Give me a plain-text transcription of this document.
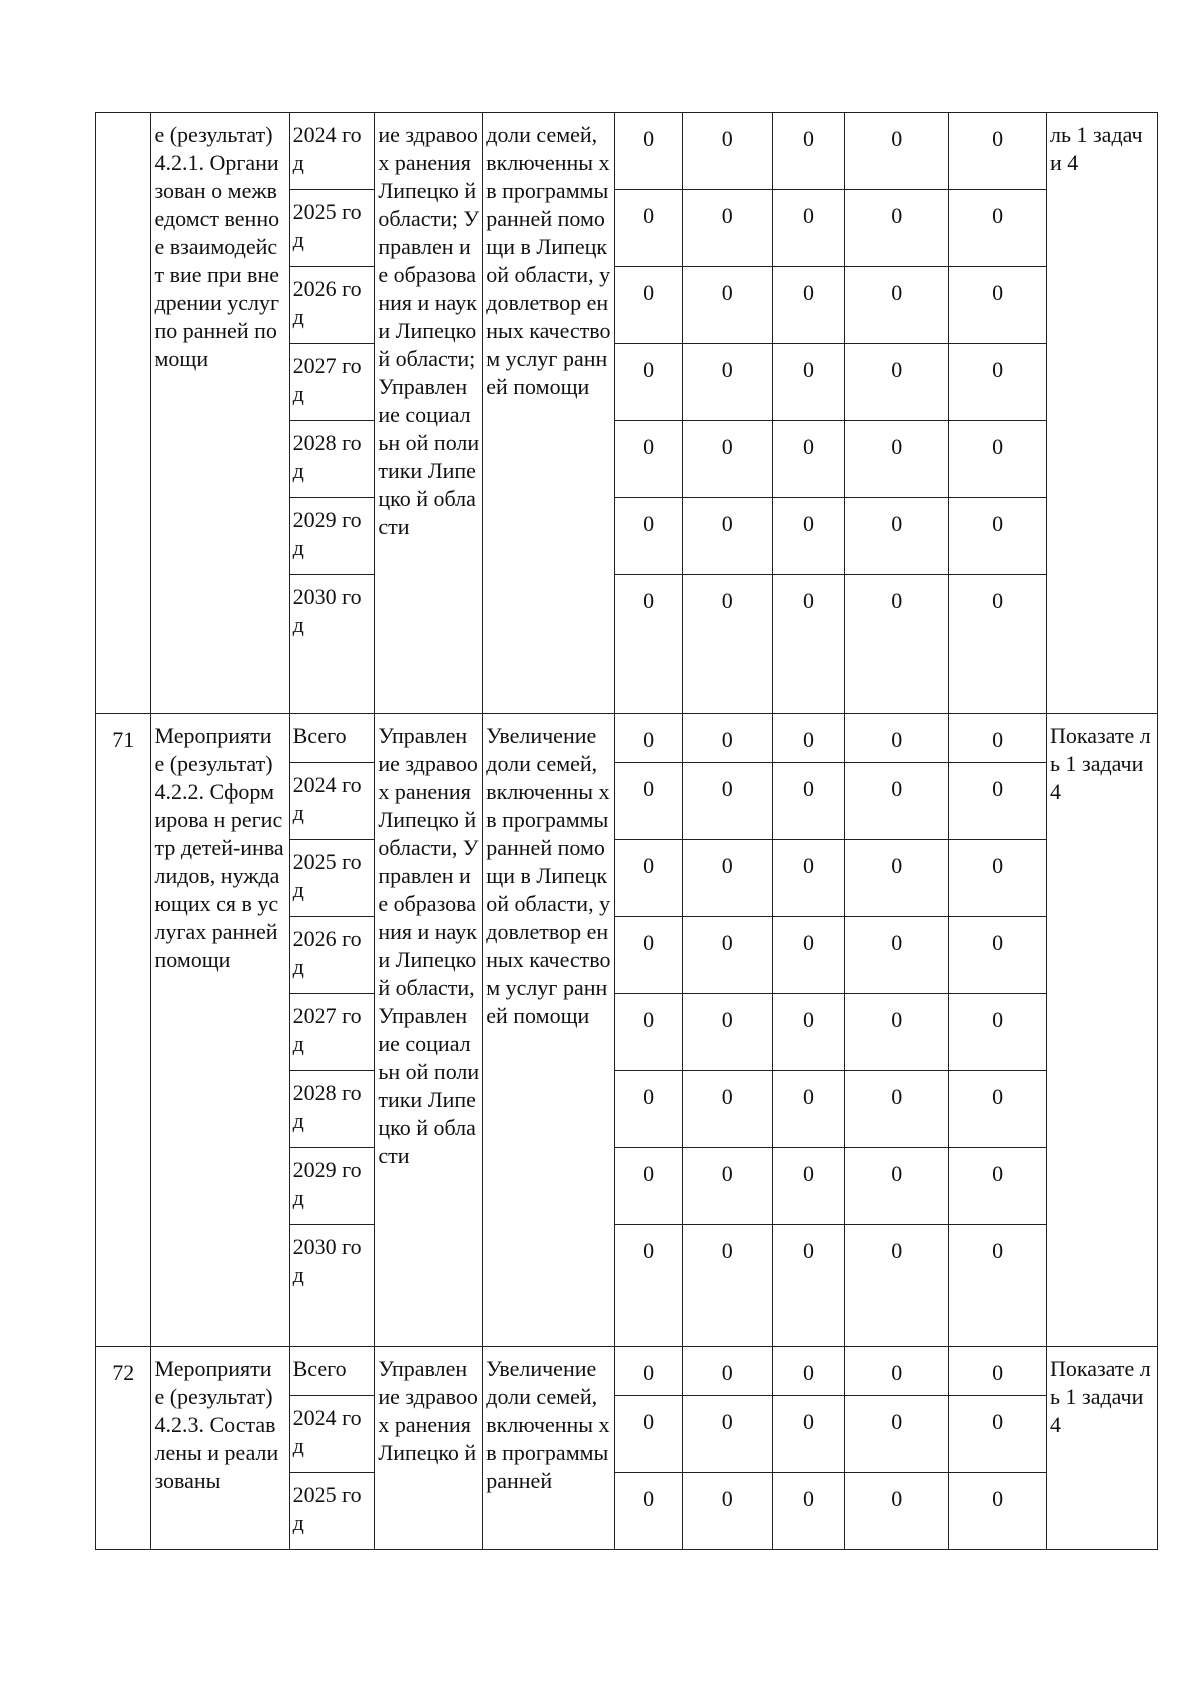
	е (результат) 4.2.1. Организован о межведомст венное взаимодейст вие при внедрении услуг по ранней помощи	2024 год	ие здравоох ранения Липецко й области; Управлен ие образова ния и науки Липецко й области; Управлен ие социальн ой политики Липецко й области	доли семей, включенны х в программы ранней помощи в Липецкой области, удовлетвор енных качеством услуг ранней помощи	0	0	0	0	0	ль 1 задачи 4
		2025 год			0	0	0	0	0	
		2026 год			0	0	0	0	0	
		2027 год			0	0	0	0	0	
		2028 год			0	0	0	0	0	
		2029 год			0	0	0	0	0	
		2030 год			0	0	0	0	0	
71	Мероприяти е (результат) 4.2.2. Сформирова н регистр детей-инвалидов, нуждающих ся в услугах ранней помощи	Всего	Управлен ие здравоох ранения Липецко й области, Управлен ие образова ния и науки Липецко й области, Управлен ие социальн ой политики Липецко й области	Увеличение доли семей, включенны х в программы ранней помощи в Липецкой области, удовлетвор енных качеством услуг ранней помощи	0	0	0	0	0	Показате ль 1 задачи 4
		2024 год			0	0	0	0	0	
		2025 год			0	0	0	0	0	
		2026 год			0	0	0	0	0	
		2027 год			0	0	0	0	0	
		2028 год			0	0	0	0	0	
		2029 год			0	0	0	0	0	
		2030 год			0	0	0	0	0	
72	Мероприяти е (результат) 4.2.3. Составлены и реализованы	Всего	Управлен ие здравоох ранения Липецко й	Увеличение доли семей, включенны х в программы ранней	0	0	0	0	0	Показате ль 1 задачи 4
		2024 год			0	0	0	0	0	
		2025 год			0	0	0	0	0	
